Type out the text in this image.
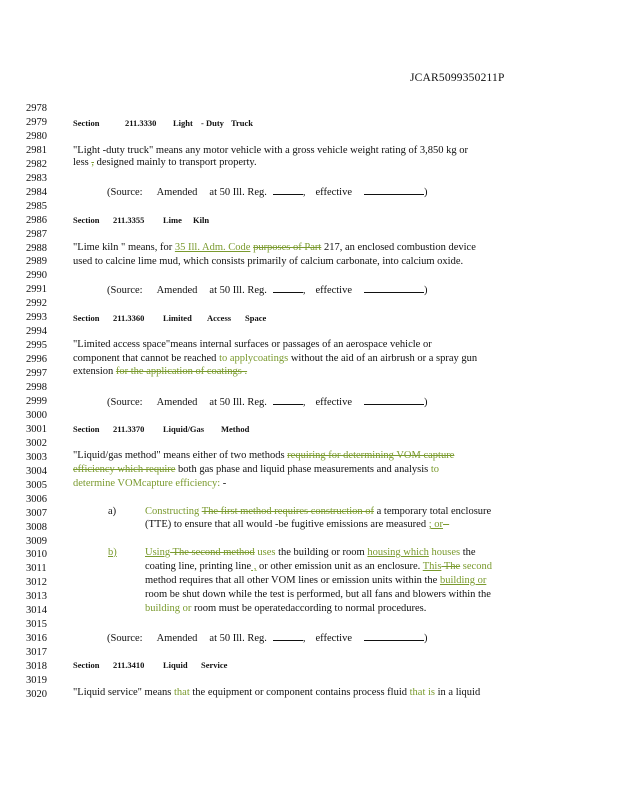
JCAR5099350211P
2978
2979
2980
2981
2982
2983
2984
2985
2986
2987
2988
2989
2990
2991
2992
2993
2994
2995
2996
2997
2998
2999
3000
3001
3002
3003
3004
3005
3006
3007
3008
3009
3010
3011
3012
3013
3014
3015
3016
3017
3018
3019
3020
Section	211.3330 Light - Duty Truck
"Light -duty truck" means any motor vehicle with a gross vehicle weight rating of 3,850 kg or
less , designed mainly to transport property.
(Source: Amended at 50 Ill. Reg.	, effective	)
Section 211.3355 Lime Kiln
"Lime kiln " means, for 35 Ill. Adm. Code purposes of Part 217, an enclosed combustion device
used to calcine lime mud, which consists primarily of calcium carbonate, into calcium oxide.
(Source: Amended at 50 Ill. Reg.	, effective	)
Section 211.3360 Limited Access Space
"Limited access space"means internal surfaces or passages of an aerospace vehicle or
component that cannot be reached to applycoatings without the aid of an airbrush or a spray gun
extension for the application of coatings .
(Source: Amended at 50 Ill. Reg.	, effective	)
Section 211.3370 Liquid/Gas Method
"Liquid/gas method" means either of two methods requiring for determining VOM capture
efficiency which require both gas phase and liquid phase measurements and analysis to
determine VOMcapture efficiency: -
a)	Constructing The first method requires construction of a temporary total enclosure
(TTE) to ensure that all would -be fugitive emissions are measured ; or -
b)	Using The second method uses the building or room housing which houses the
coating line, printing line , or other emission unit as an enclosure. This The second
method requires that all other VOM lines or emission units within the building or
room be shut down while the test is performed, but all fans and blowers within the
building or room must be operatedaccording to normal procedures.
(Source: Amended at 50 Ill. Reg.	, effective	)
Section 211.3410 Liquid Service
"Liquid service" means that the equipment or component contains process fluid that is in a liquid
